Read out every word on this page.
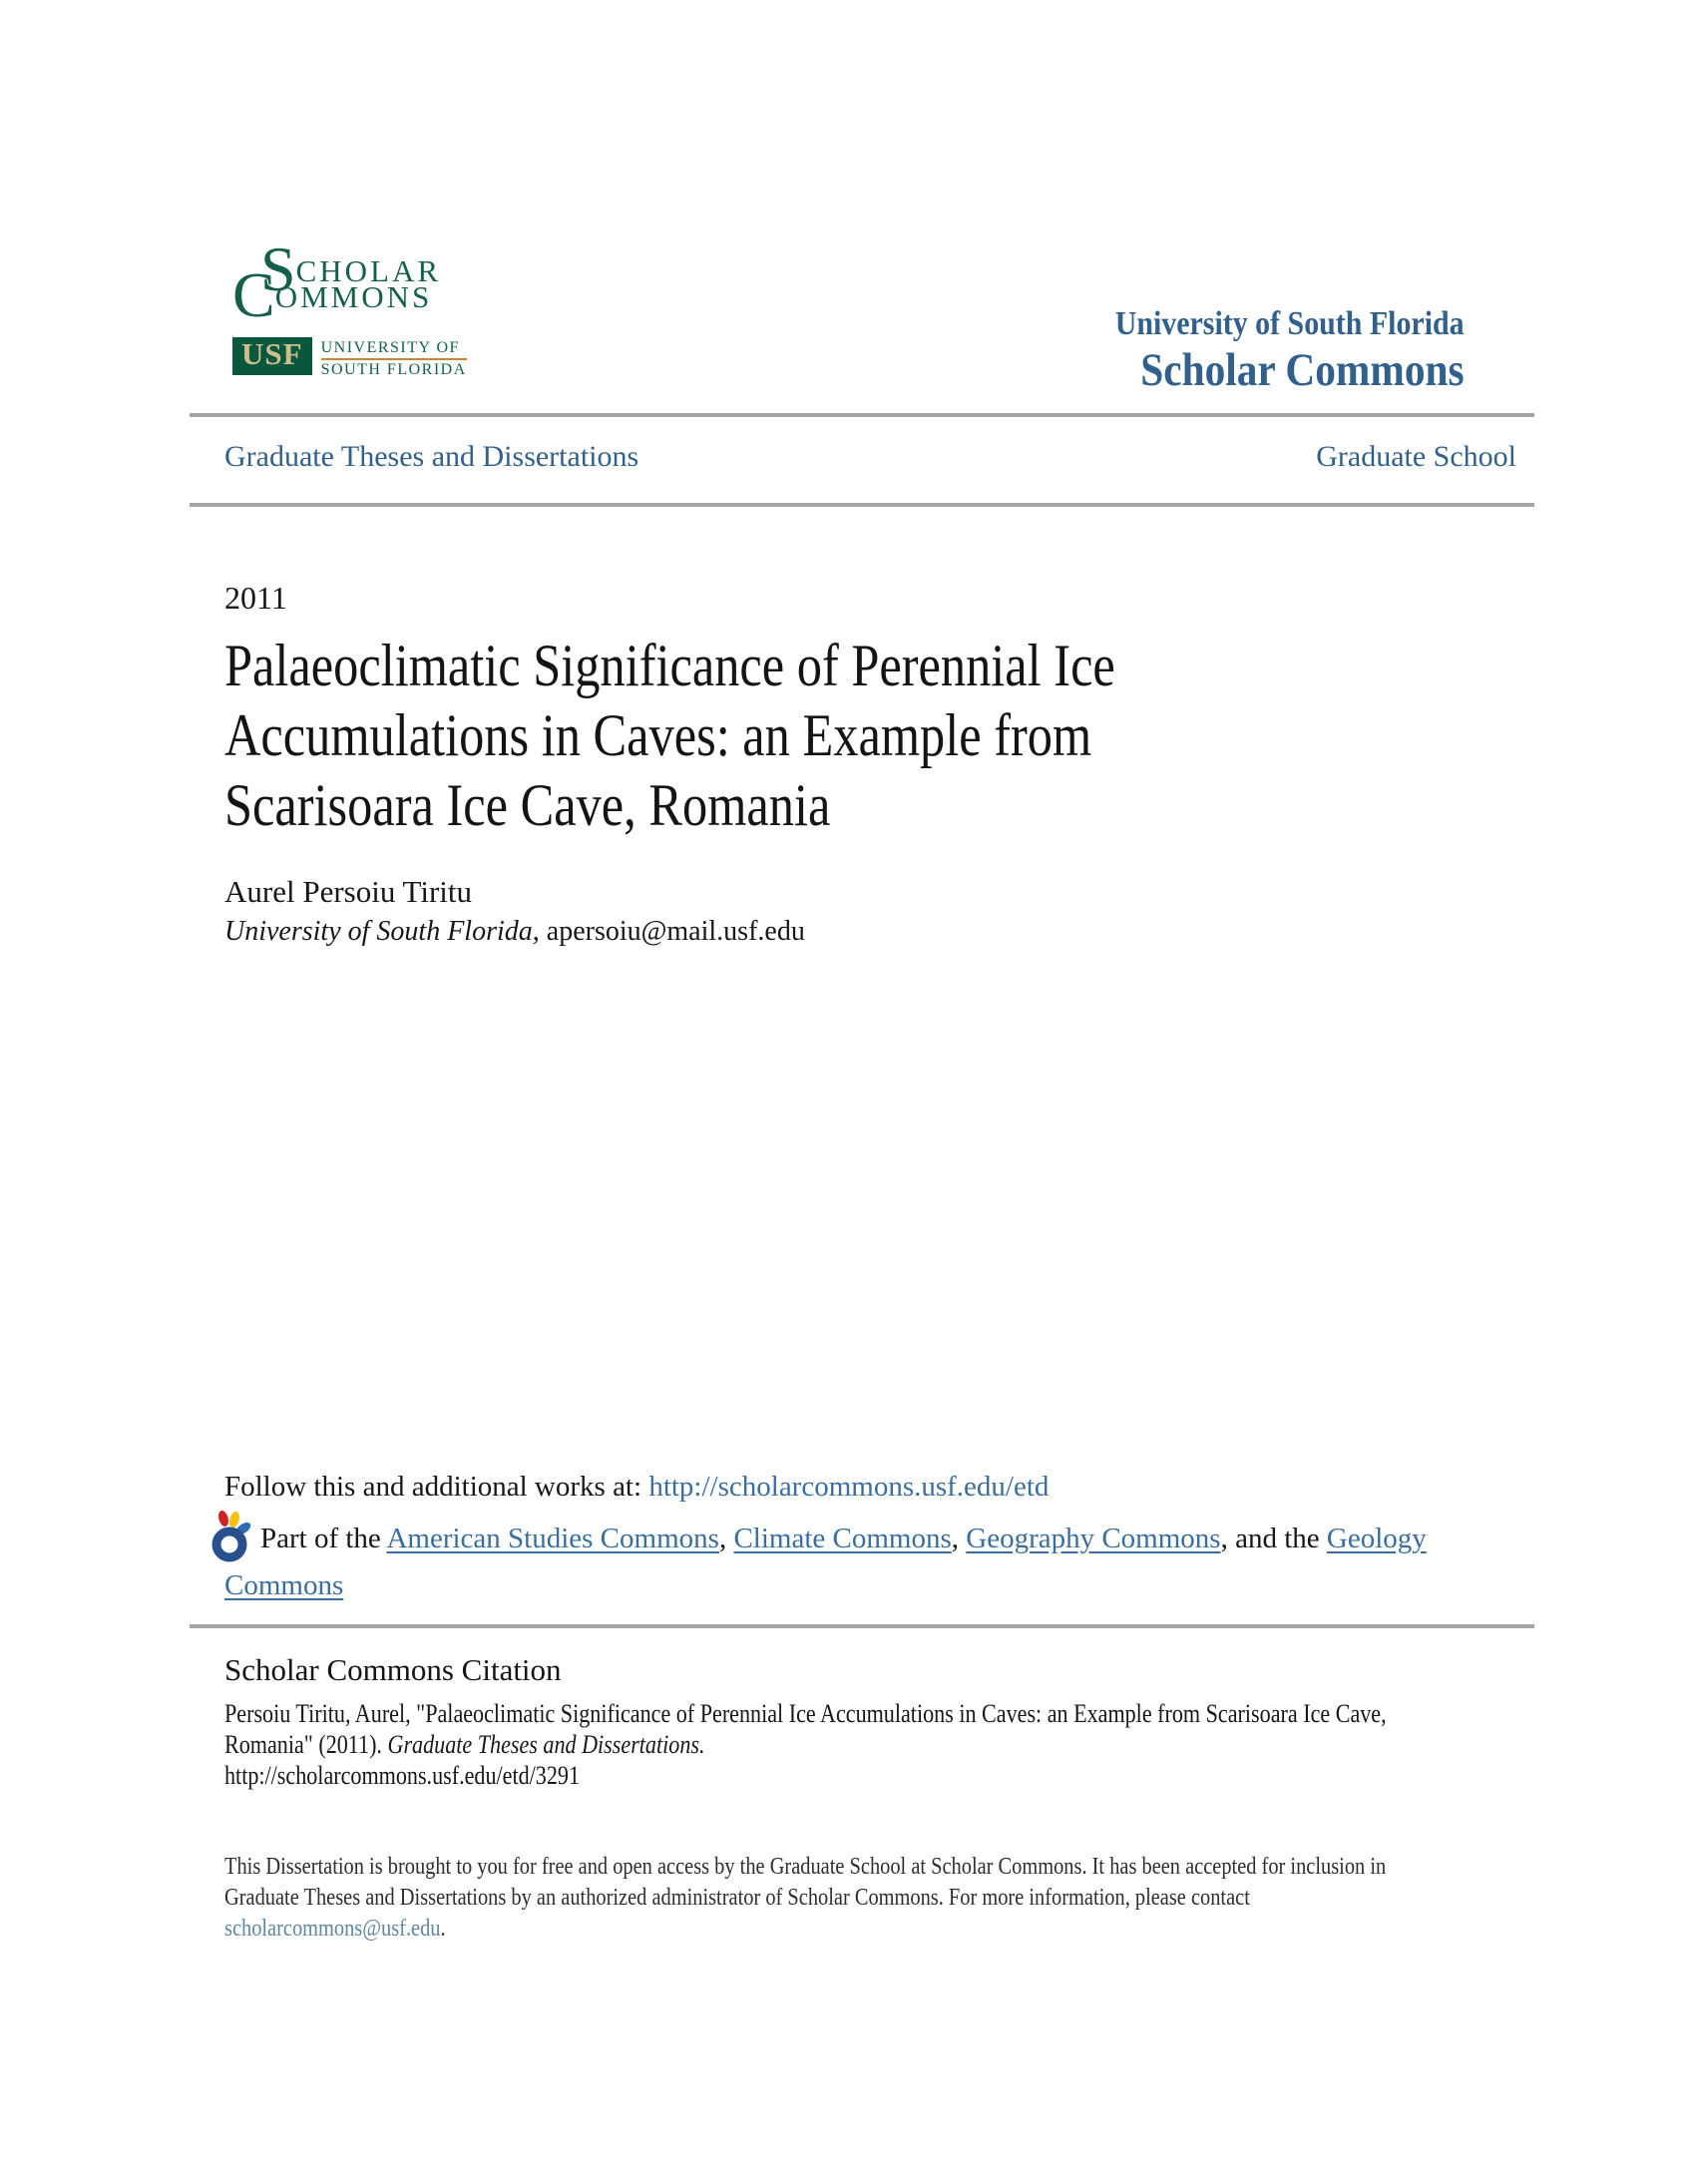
SCHOLAR
COMMONS
USF	UNIVERSITY OF
SOUTH FLORIDA
University of South Florida
Scholar Commons
Graduate Theses and Dissertations	Graduate School
2011
Palaeoclimatic Significance of Perennial Ice
Accumulations in Caves: an Example from
Scarisoara Ice Cave, Romania
Aurel Persoiu Tiritu
University of South Florida, apersoiu@mail.usf.edu
Follow this and additional works at: http://scholarcommons.usf.edu/etd
Part of the American Studies Commons, Climate Commons, Geography Commons, and the Geology Commons
Scholar Commons Citation
Persoiu Tiritu, Aurel, "Palaeoclimatic Significance of Perennial Ice Accumulations in Caves: an Example from Scarisoara Ice Cave,
Romania" (2011). Graduate Theses and Dissertations.
http://scholarcommons.usf.edu/etd/3291
This Dissertation is brought to you for free and open access by the Graduate School at Scholar Commons. It has been accepted for inclusion in
Graduate Theses and Dissertations by an authorized administrator of Scholar Commons. For more information, please contact
scholarcommons@usf.edu.
